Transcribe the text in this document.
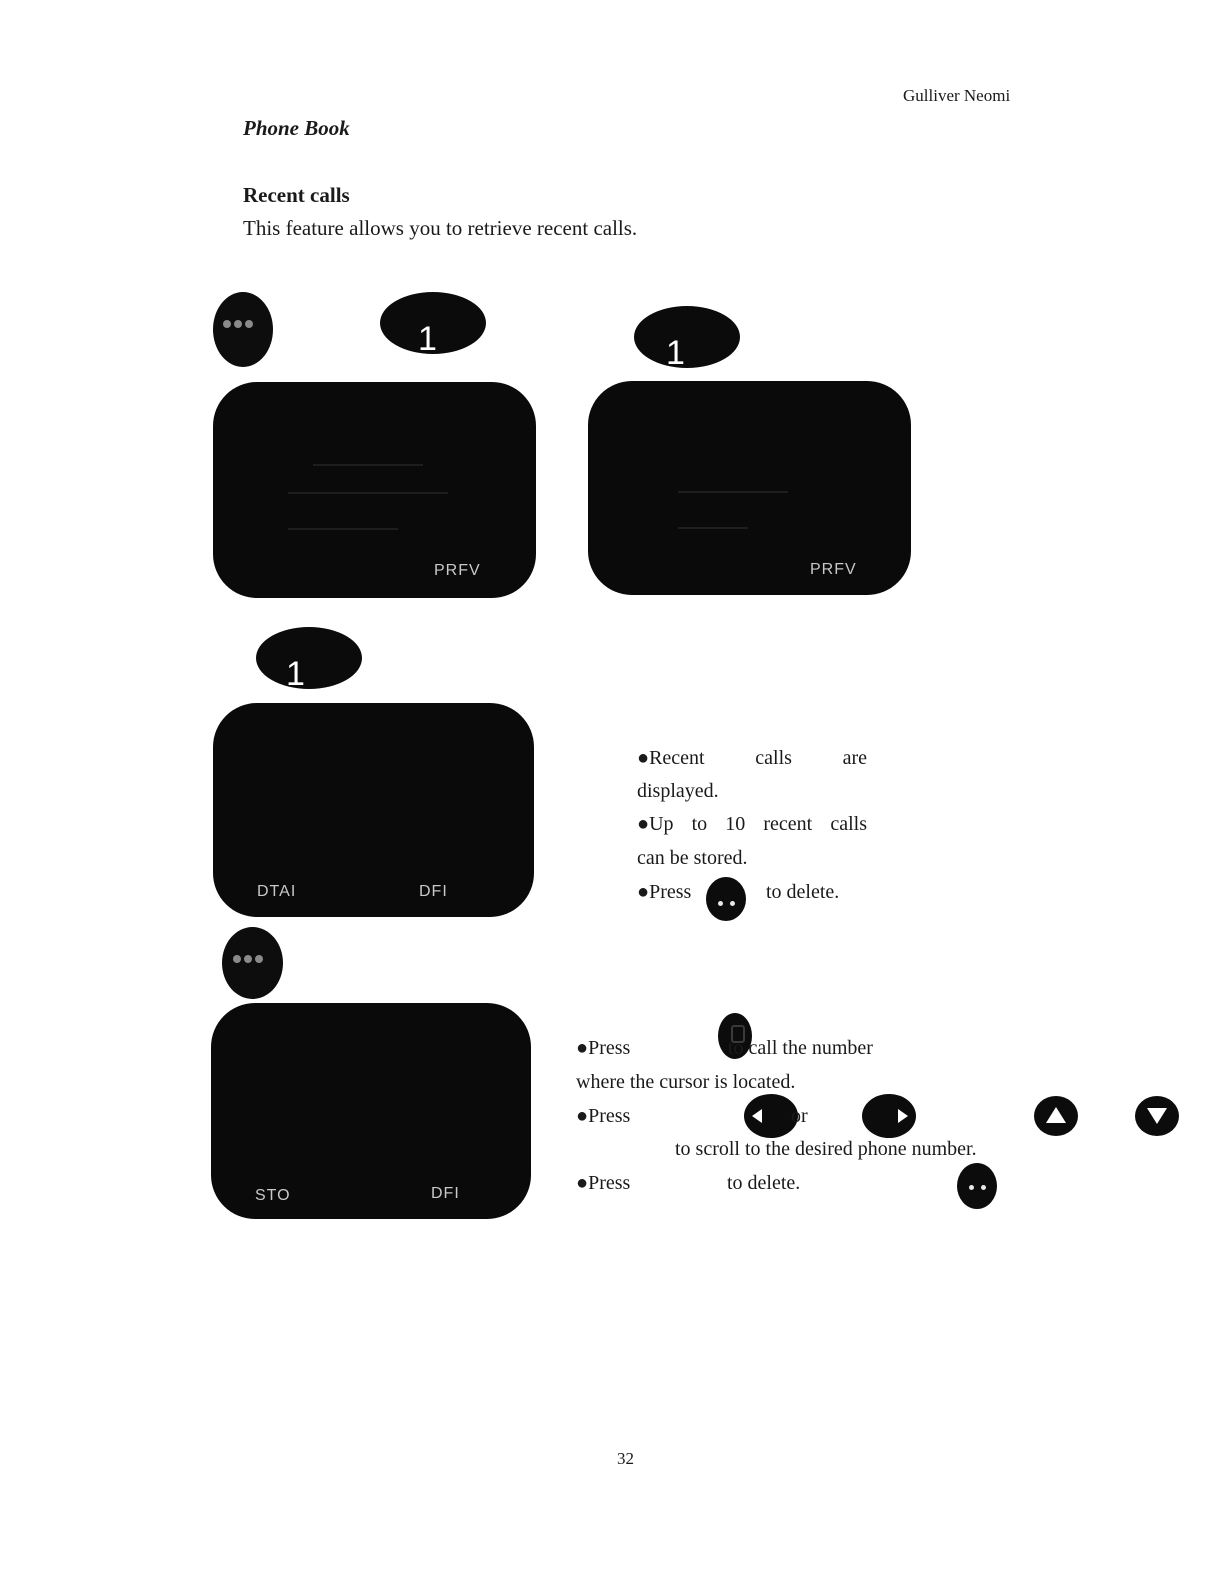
Gulliver Neomi
Phone Book
Recent calls
This feature allows you to retrieve recent calls.
1	1
PRFV	PRFV
1
DTAI	DFI
STO	DFI
●Recent	calls	are
displayed.
●Up to 10 recent calls
can be stored.
●Press
	to delete.
●Press
	to call the number
where the cursor is located.
●Press

	or

to scroll to the desired phone number.
●Press	to delete.
32
